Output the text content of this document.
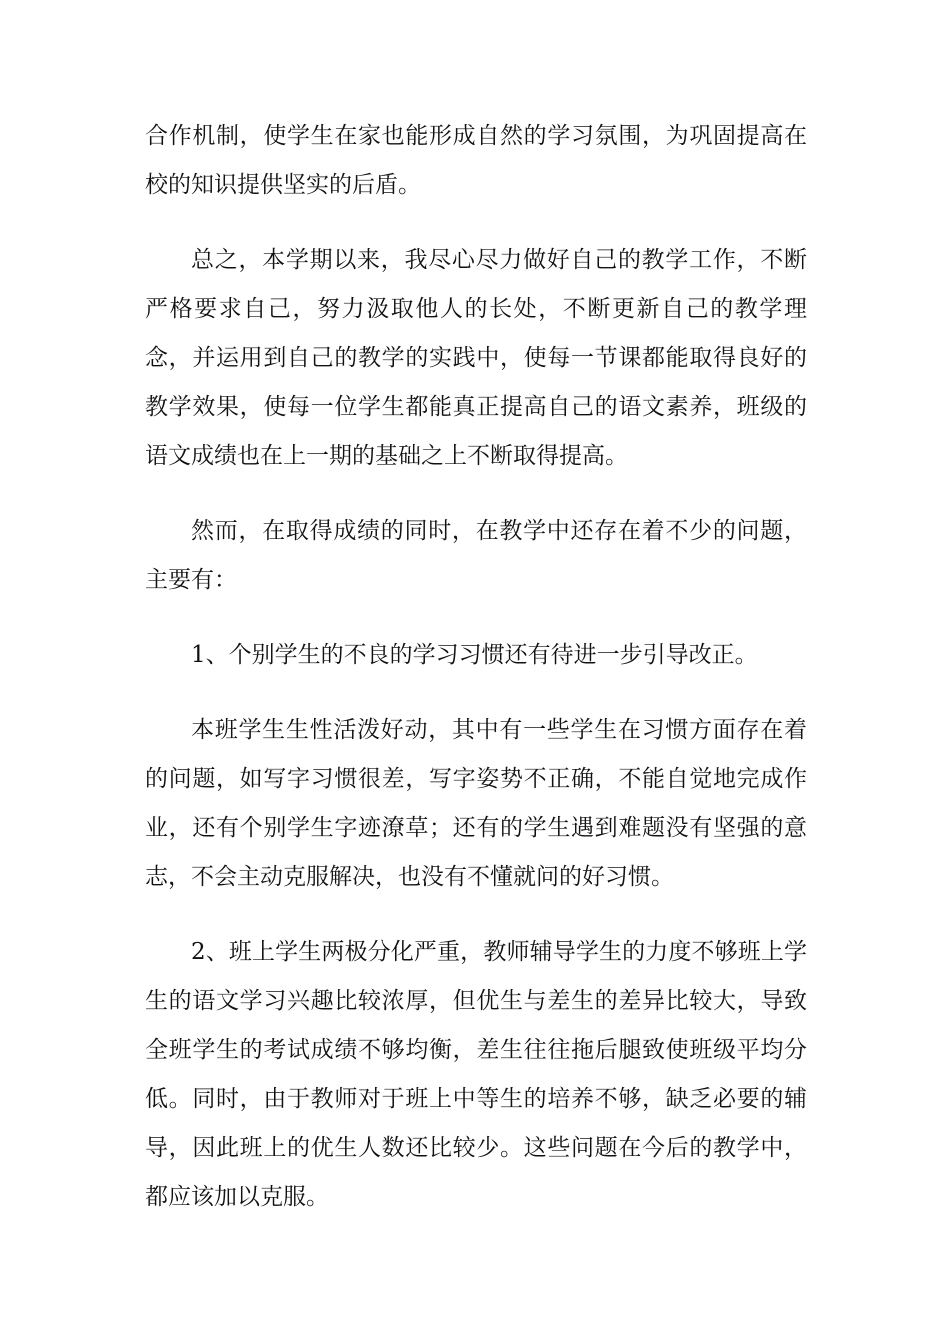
合作机制，使学生在家也能形成自然的学习氛围，为巩固提高在校的知识提供坚实的后盾。

总之，本学期以来，我尽心尽力做好自己的教学工作，不断严格要求自己，努力汲取他人的长处，不断更新自己的教学理念，并运用到自己的教学的实践中，使每一节课都能取得良好的教学效果，使每一位学生都能真正提高自己的语文素养，班级的语文成绩也在上一期的基础之上不断取得提高。

然而，在取得成绩的同时，在教学中还存在着不少的问题，主要有：

1、个别学生的不良的学习习惯还有待进一步引导改正。

本班学生生性活泼好动，其中有一些学生在习惯方面存在着的问题，如写字习惯很差，写字姿势不正确，不能自觉地完成作业，还有个别学生字迹潦草；还有的学生遇到难题没有坚强的意志，不会主动克服解决，也没有不懂就问的好习惯。

2、班上学生两极分化严重，教师辅导学生的力度不够班上学生的语文学习兴趣比较浓厚，但优生与差生的差异比较大，导致全班学生的考试成绩不够均衡，差生往往拖后腿致使班级平均分低。同时，由于教师对于班上中等生的培养不够，缺乏必要的辅导，因此班上的优生人数还比较少。这些问题在今后的教学中，都应该加以克服。
